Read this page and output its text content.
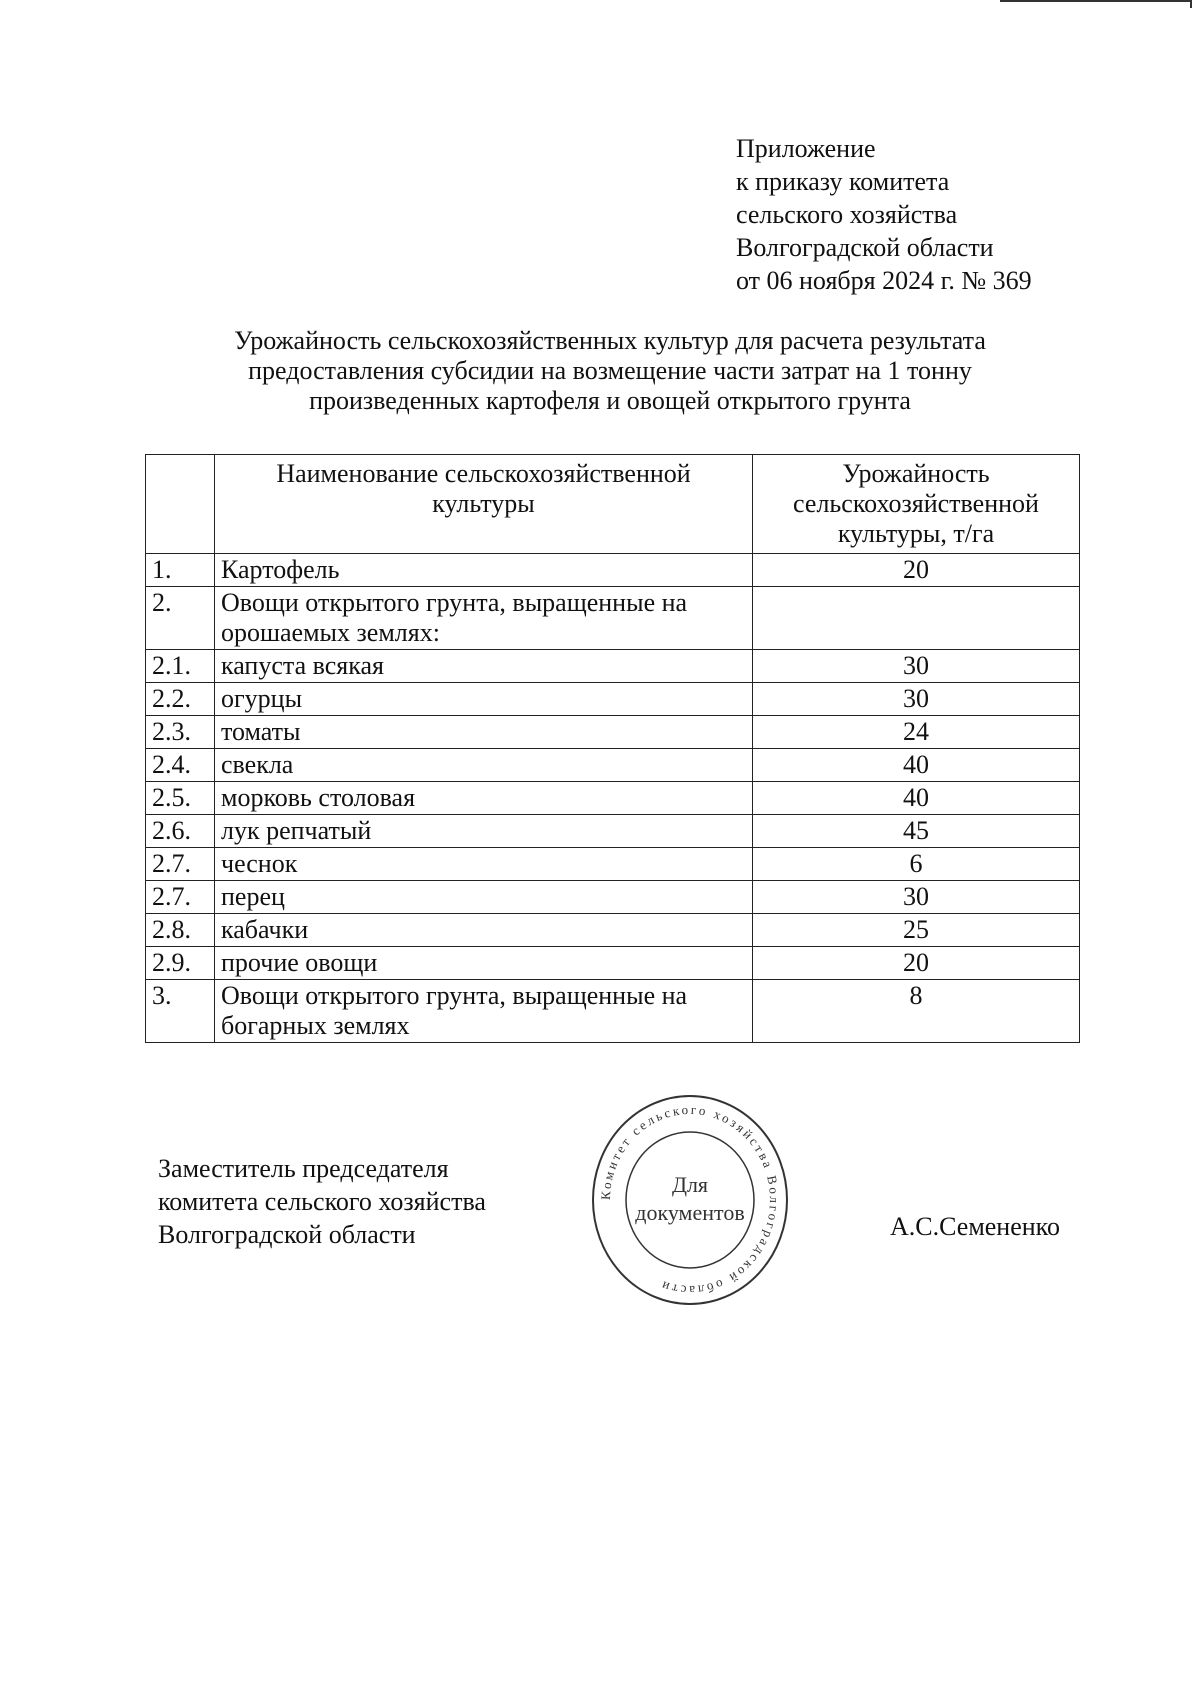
Приложение
к приказу комитета
сельского хозяйства
Волгоградской области
от 06 ноября 2024 г. № 369
Урожайность сельскохозяйственных культур для расчета результата
предоставления субсидии на возмещение части затрат на 1 тонну
произведенных картофеля и овощей открытого грунта
	Наименование сельскохозяйственной культуры	Урожайность сельскохозяйственной культуры, т/га
1.	Картофель	20
2.	Овощи открытого грунта, выращенные на орошаемых землях:	
2.1.	капуста всякая	30
2.2.	огурцы	30
2.3.	томаты	24
2.4.	свекла	40
2.5.	морковь столовая	40
2.6.	лук репчатый	45
2.7.	чеснок	6
2.7.	перец	30
2.8.	кабачки	25
2.9.	прочие овощи	20
3.	Овощи открытого грунта, выращенные на богарных землях	8
Заместитель председателя
комитета сельского хозяйства
Волгоградской области
Комитет сельского хозяйства Волгоградской области
Для
документов	А.С.Семененко
